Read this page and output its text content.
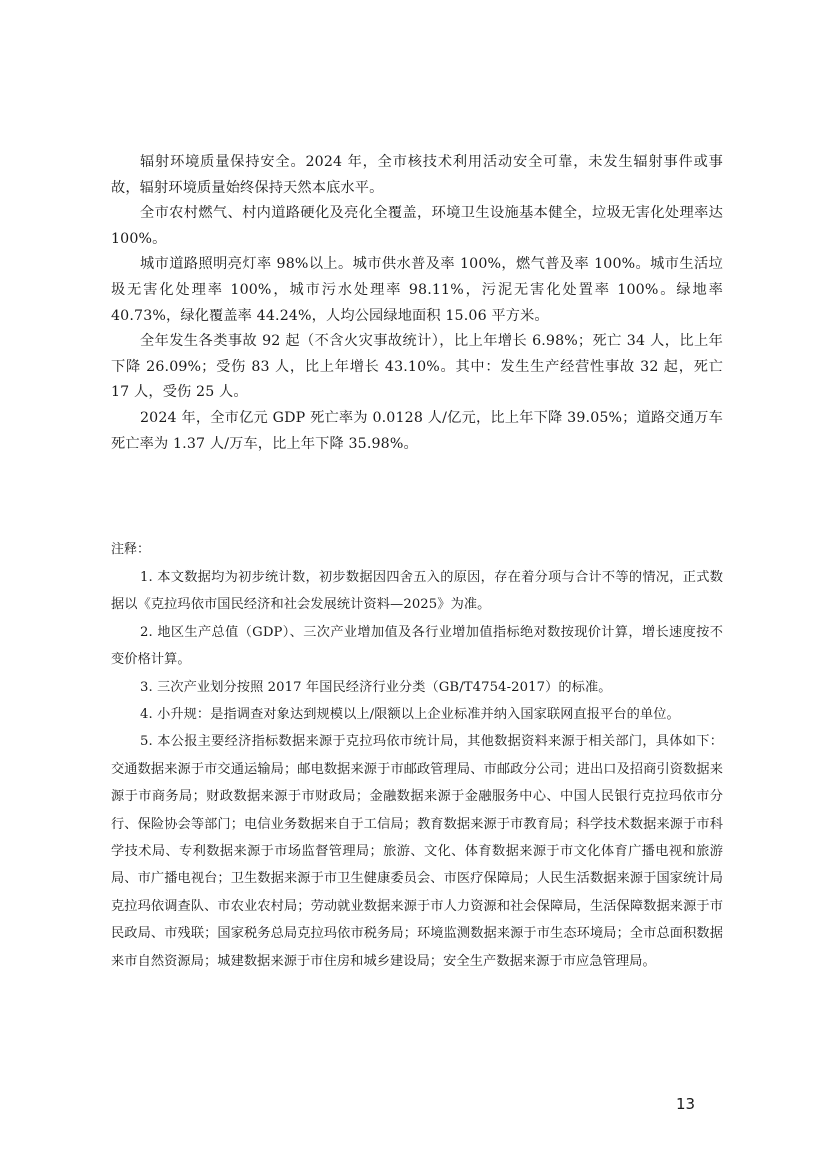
辐射环境质量保持安全。2024 年，全市核技术利用活动安全可靠，未发生辐射事件或事故，辐射环境质量始终保持天然本底水平。

全市农村燃气、村内道路硬化及亮化全覆盖，环境卫生设施基本健全，垃圾无害化处理率达 100%。

城市道路照明亮灯率 98%以上。城市供水普及率 100%，燃气普及率 100%。城市生活垃圾无害化处理率 100%，城市污水处理率 98.11%，污泥无害化处置率 100%。绿地率 40.73%，绿化覆盖率 44.24%，人均公园绿地面积 15.06 平方米。

全年发生各类事故 92 起（不含火灾事故统计），比上年增长 6.98%；死亡 34 人，比上年下降 26.09%；受伤 83 人，比上年增长 43.10%。其中：发生生产经营性事故 32 起，死亡 17 人，受伤 25 人。

2024 年，全市亿元 GDP 死亡率为 0.0128 人/亿元，比上年下降 39.05%；道路交通万车死亡率为 1.37 人/万车，比上年下降 35.98%。

注释：

1. 本文数据均为初步统计数，初步数据因四舍五入的原因，存在着分项与合计不等的情况，正式数据以《克拉玛依市国民经济和社会发展统计资料—2025》为准。

2. 地区生产总值（GDP）、三次产业增加值及各行业增加值指标绝对数按现价计算，增长速度按不变价格计算。

3. 三次产业划分按照 2017 年国民经济行业分类（GB/T4754-2017）的标准。

4. 小升规：是指调查对象达到规模以上/限额以上企业标准并纳入国家联网直报平台的单位。

5. 本公报主要经济指标数据来源于克拉玛依市统计局，其他数据资料来源于相关部门，具体如下：交通数据来源于市交通运输局；邮电数据来源于市邮政管理局、市邮政分公司；进出口及招商引资数据来源于市商务局；财政数据来源于市财政局；金融数据来源于金融服务中心、中国人民银行克拉玛依市分行、保险协会等部门；电信业务数据来自于工信局；教育数据来源于市教育局；科学技术数据来源于市科学技术局、专利数据来源于市场监督管理局；旅游、文化、体育数据来源于市文化体育广播电视和旅游局、市广播电视台；卫生数据来源于市卫生健康委员会、市医疗保障局；人民生活数据来源于国家统计局克拉玛依调查队、市农业农村局；劳动就业数据来源于市人力资源和社会保障局，生活保障数据来源于市民政局、市残联；国家税务总局克拉玛依市税务局；环境监测数据来源于市生态环境局；全市总面积数据来市自然资源局；城建数据来源于市住房和城乡建设局；安全生产数据来源于市应急管理局。

13
